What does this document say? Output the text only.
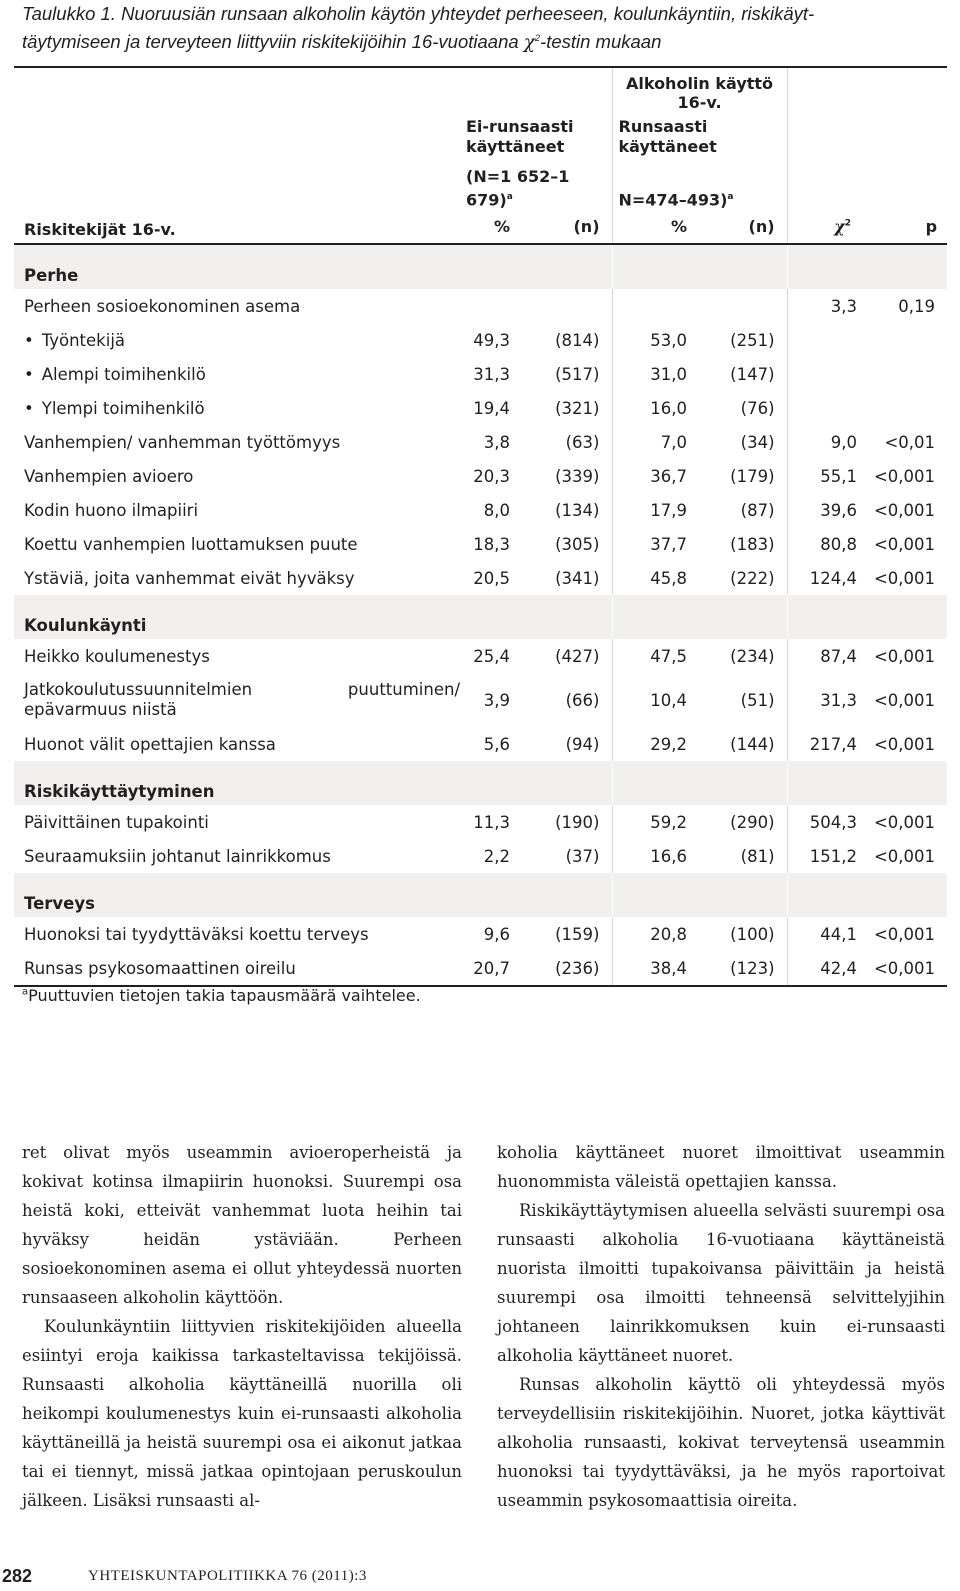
Taulukko 1. Nuoruusiän runsaan alkoholin käytön yhteydet perheeseen, koulunkäyntiin, riskikäyt-

täytymiseen ja terveyteen liittyviin riskitekijöihin 16-vuotiaana $\chi^2$-testin mukaan

			Alkoholin käyttö 16-v.			
	Ei-runsaasti
käyttäneet		Runsaasti
käyttäneet			
	(N=1 652–1 679)$^a$		N=474–493)$^a$		
Riskitekijät 16-v.	%	(n)	%	(n)	$\chi^2$	p
Perhe						
Perheen sosioekonominen asema					3,3	0,19
• Työntekijä	49,3	(814)	53,0	(251)		
• Alempi toimihenkilö	31,3	(517)	31,0	(147)		
• Ylempi toimihenkilö	19,4	(321)	16,0	(76)		
Vanhempien/ vanhemman työttömyys	3,8	(63)	7,0	(34)	9,0	<0,01
Vanhempien avioero	20,3	(339)	36,7	(179)	55,1	<0,001
Kodin huono ilmapiiri	8,0	(134)	17,9	(87)	39,6	<0,001
Koettu vanhempien luottamuksen puute	18,3	(305)	37,7	(183)	80,8	<0,001
Ystäviä, joita vanhemmat eivät hyväksy	20,5	(341)	45,8	(222)	124,4	<0,001
Koulunkäynti						
Heikko koulumenestys	25,4	(427)	47,5	(234)	87,4	<0,001

Jatkokoulutussuunnitelmien puuttuminen/
epävarmuus niistä	3,9	(66)	10,4	(51)	31,3	<0,001
Huonot välit opettajien kanssa	5,6	(94)	29,2	(144)	217,4	<0,001
Riskikäyttäytyminen						
Päivittäinen tupakointi	11,3	(190)	59,2	(290)	504,3	<0,001
Seuraamuksiin johtanut lainrikkomus	2,2	(37)	16,6	(81)	151,2	<0,001
Terveys						
Huonoksi tai tyydyttäväksi koettu terveys	9,6	(159)	20,8	(100)	44,1	<0,001
Runsas psykosomaattinen oireilu	20,7	(236)	38,4	(123)	42,4	<0,001
$^a$Puuttuvien tietojen takia tapausmäärä vaihtelee.

ret olivat myös useammin avioeroperheistä ja kokivat kotinsa ilmapiirin huonoksi. Suurempi osa heistä koki, etteivät vanhemmat luota heihin tai hyväksy heidän ystäviään. Perheen sosioekonominen asema ei ollut yhteydessä nuorten runsaaseen alkoholin käyttöön.

Koulunkäyntiin liittyvien riskitekijöiden alueella esiintyi eroja kaikissa tarkasteltavissa tekijöissä. Runsaasti alkoholia käyttäneillä nuorilla oli heikompi koulumenestys kuin ei-runsaasti alkoholia käyttäneillä ja heistä suurempi osa ei aikonut jatkaa tai ei tiennyt, missä jatkaa opintojaan peruskoulun jälkeen. Lisäksi runsaasti al-

koholia käyttäneet nuoret ilmoittivat useammin huonommista väleistä opettajien kanssa.

Riskikäyttäytymisen alueella selvästi suurempi osa runsaasti alkoholia 16-vuotiaana käyttäneistä nuorista ilmoitti tupakoivansa päivittäin ja heistä suurempi osa ilmoitti tehneensä selvittelyjihin johtaneen lainrikkomuksen kuin ei-runsaasti alkoholia käyttäneet nuoret.

Runsas alkoholin käyttö oli yhteydessä myös terveydellisiin riskitekijöihin. Nuoret, jotka käyttivät alkoholia runsaasti, kokivat terveytensä useammin huonoksi tai tyydyttäväksi, ja he myös raportoivat useammin psykosomaattisia oireita.

282	YHTEISKUNTAPOLITIIKKA 76 (2011):3
